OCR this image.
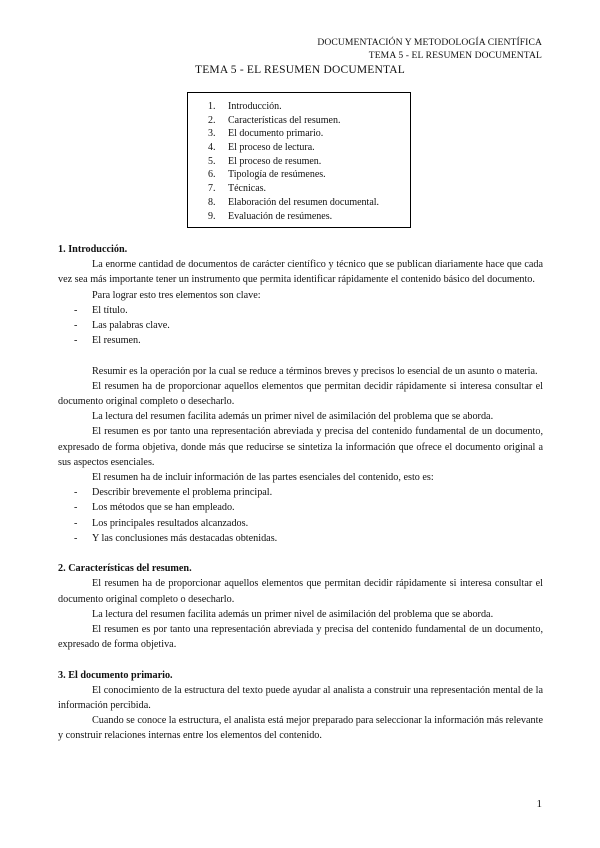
DOCUMENTACIÓN Y METODOLOGÍA CIENTÍFICA
TEMA 5 - EL RESUMEN DOCUMENTAL
TEMA 5 - EL RESUMEN DOCUMENTAL
1. Introducción.
2. Características del resumen.
3. El documento primario.
4. El proceso de lectura.
5. El proceso de resumen.
6. Tipología de resúmenes.
7. Técnicas.
8. Elaboración del resumen documental.
9. Evaluación de resúmenes.
1. Introducción.

La enorme cantidad de documentos de carácter científico y técnico que se publican diariamente hace que cada vez sea más importante tener un instrumento que permita identificar rápidamente el contenido básico del documento.

Para lograr esto tres elementos son clave:

- El título.
- Las palabras clave.
- El resumen.

Resumir es la operación por la cual se reduce a términos breves y precisos lo esencial de un asunto o materia.

El resumen ha de proporcionar aquellos elementos que permitan decidir rápidamente si interesa consultar el documento original completo o desecharlo.

La lectura del resumen facilita además un primer nivel de asimilación del problema que se aborda.

El resumen es por tanto una representación abreviada y precisa del contenido fundamental de un documento, expresado de forma objetiva, donde más que reducirse se sintetiza la información que ofrece el documento original a sus aspectos esenciales.

El resumen ha de incluir información de las partes esenciales del contenido, esto es:

- Describir brevemente el problema principal.
- Los métodos que se han empleado.
- Los principales resultados alcanzados.
- Y las conclusiones más destacadas obtenidas.
2. Características del resumen.

El resumen ha de proporcionar aquellos elementos que permitan decidir rápidamente si interesa consultar el documento original completo o desecharlo.

La lectura del resumen facilita además un primer nivel de asimilación del problema que se aborda.

El resumen es por tanto una representación abreviada y precisa del contenido fundamental de un documento, expresado de forma objetiva.

3. El documento primario.

El conocimiento de la estructura del texto puede ayudar al analista a construir una representación mental de la información percibida.

Cuando se conoce la estructura, el analista está mejor preparado para seleccionar la información más relevante y construir relaciones internas entre los elementos del contenido.

1
